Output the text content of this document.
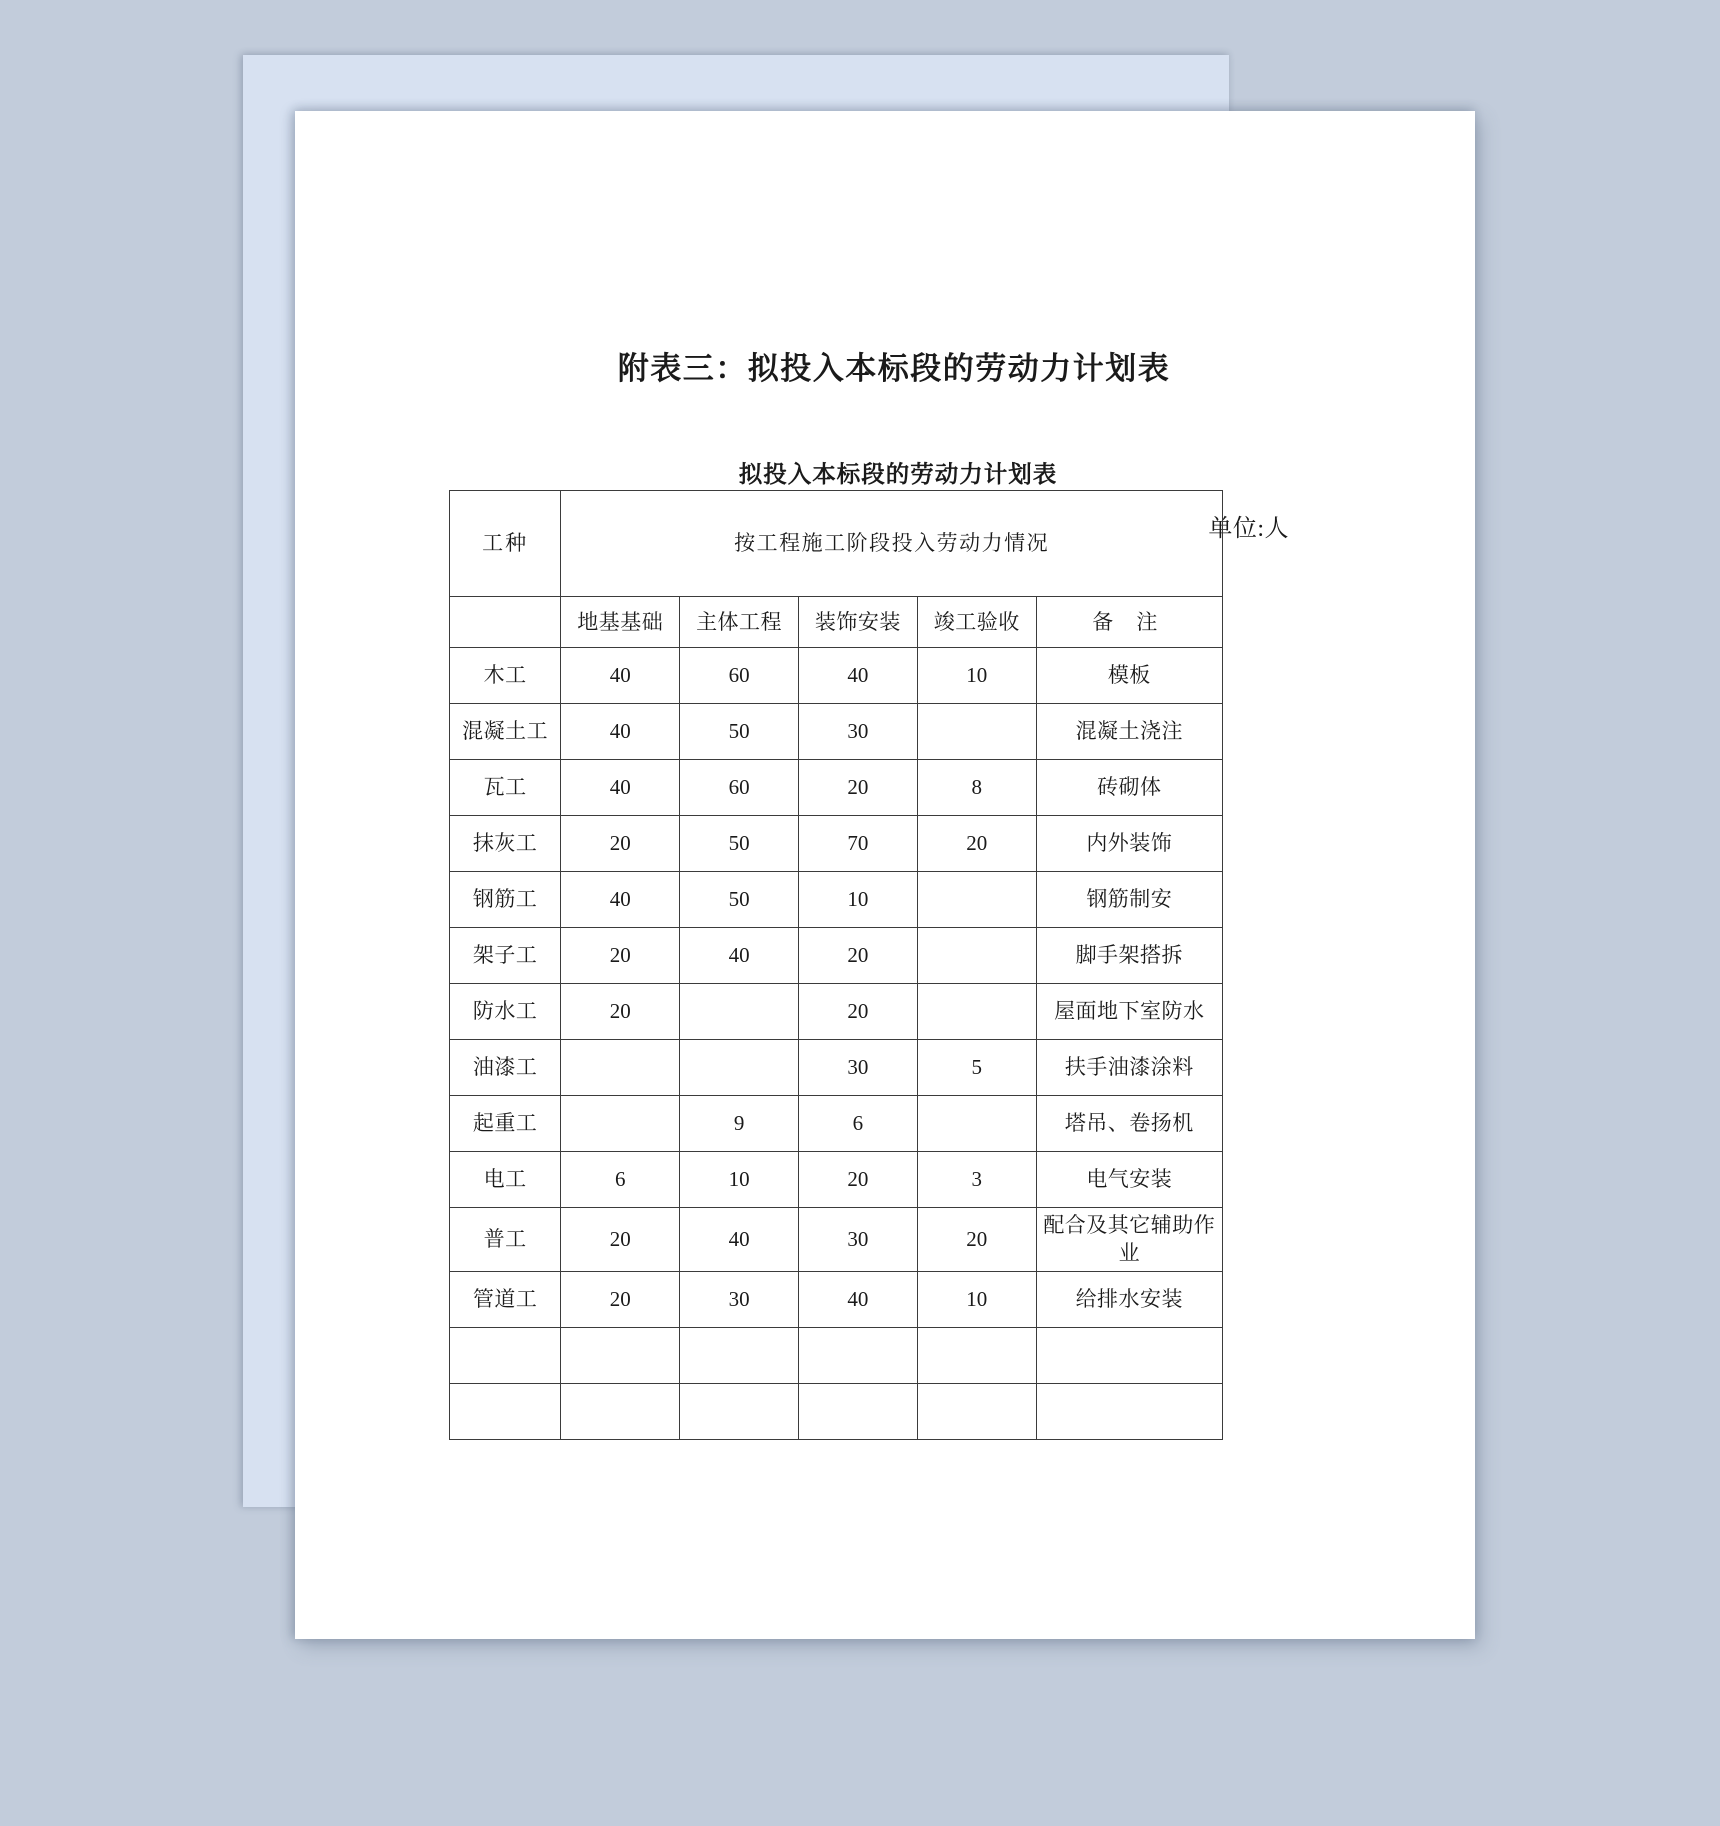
附表三：拟投入本标段的劳动力计划表
拟投入本标段的劳动力计划表
单位:人
工种	按工程施工阶段投入劳动力情况				
	地基基础	主体工程	装饰安装	竣工验收	备 注
木工	40	60	40	10	模板
混凝土工	40	50	30		混凝土浇注
瓦工	40	60	20	8	砖砌体
抹灰工	20	50	70	20	内外装饰
钢筋工	40	50	10		钢筋制安
架子工	20	40	20		脚手架搭拆
防水工	20		20		屋面地下室防水
油漆工			30	5	扶手油漆涂料
起重工		9	6		塔吊、卷扬机
电工	6	10	20	3	电气安装
普工	20	40	30	20	配合及其它辅助作业

管道工	20	30	40	10	给排水安装
